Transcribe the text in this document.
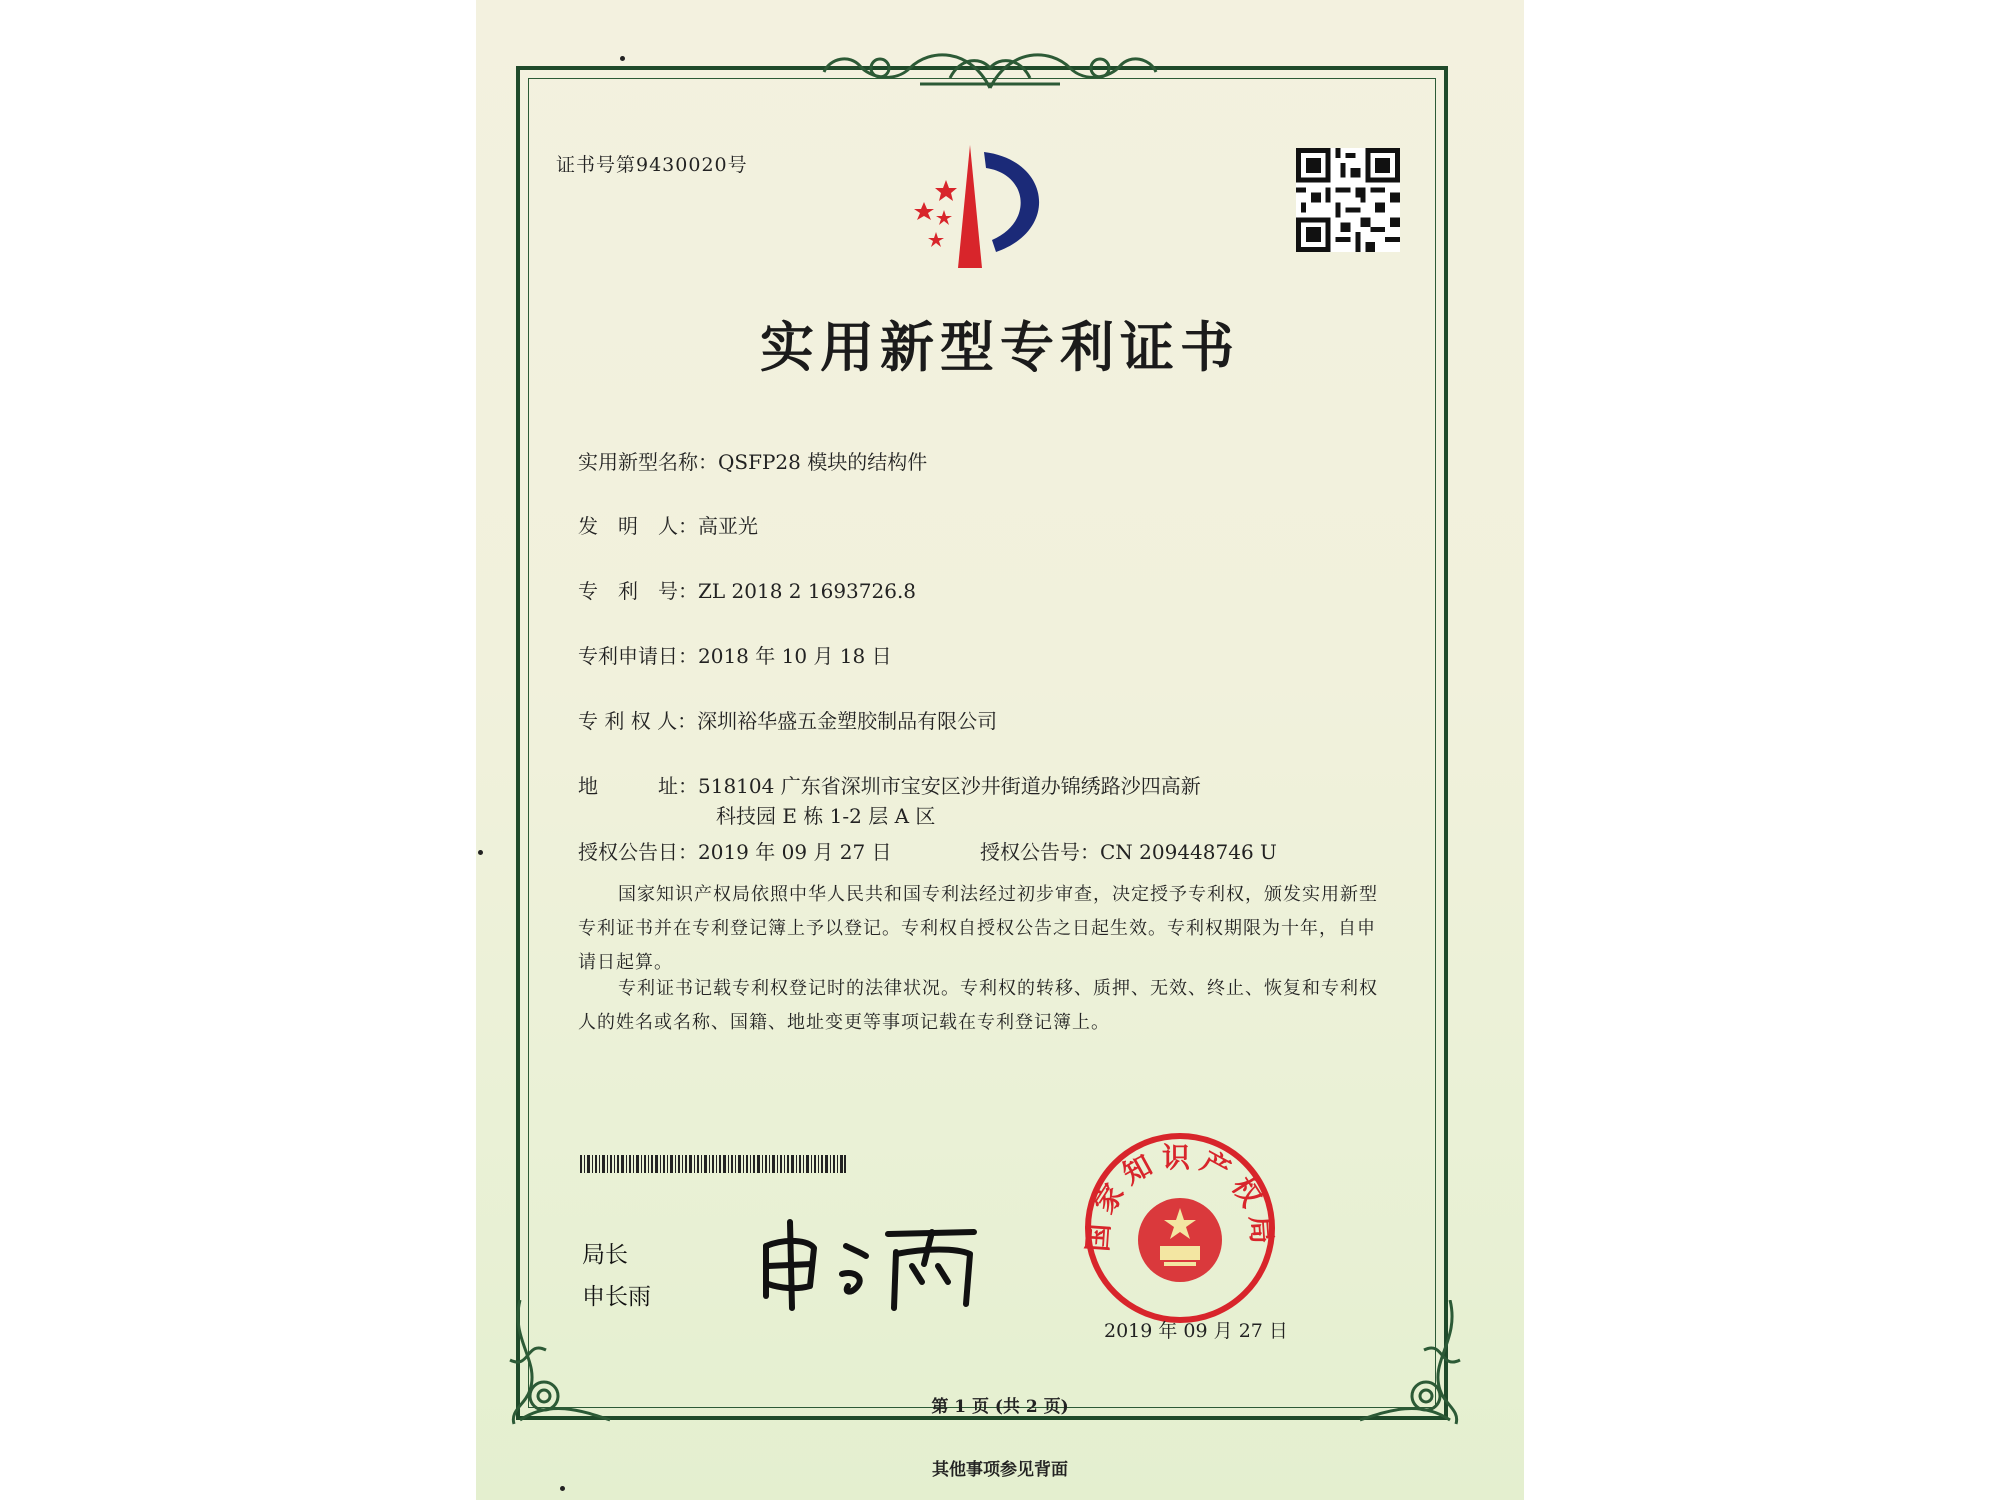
证书号第9430020号
实用新型专利证书
实用新型名称：QSFP28 模块的结构件
发　明　人：高亚光
专　利　号：ZL 2018 2 1693726.8
专利申请日：2018 年 10 月 18 日
专 利 权 人：深圳裕华盛五金塑胶制品有限公司
地　　　址：518104 广东省深圳市宝安区沙井街道办锦绣路沙四高新
科技园 E 栋 1-2 层 A 区
授权公告日：2019 年 09 月 27 日	授权公告号：CN 209448746 U
国家知识产权局依照中华人民共和国专利法经过初步审查，决定授予专利权，颁发实用新型专利证书并在专利登记簿上予以登记。专利权自授权公告之日起生效。专利权期限为十年，自申请日起算。
专利证书记载专利权登记时的法律状况。专利权的转移、质押、无效、终止、恢复和专利权人的姓名或名称、国籍、地址变更等事项记载在专利登记簿上。
局长
申长雨
国家知识产权局
2019 年 09 月 27 日
第 1 页 (共 2 页)
其他事项参见背面
